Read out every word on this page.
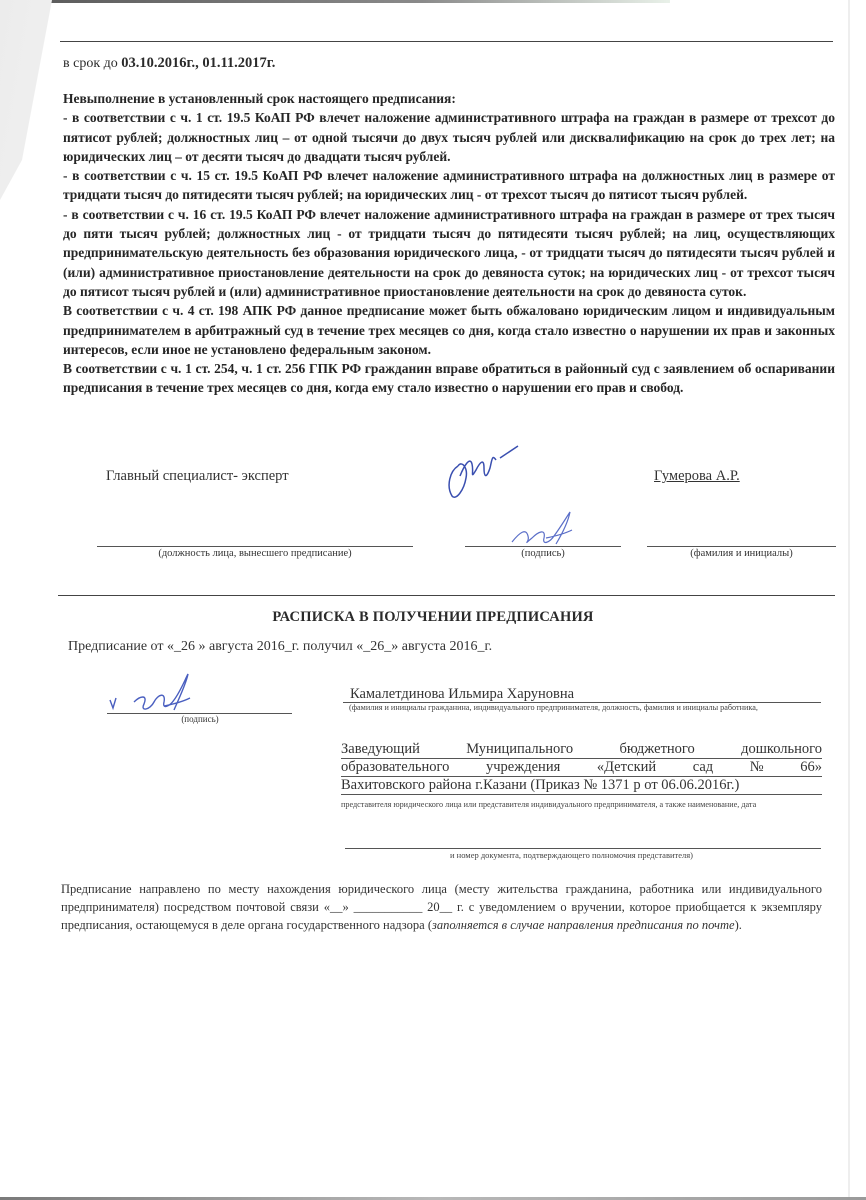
в срок до 03.10.2016г., 01.11.2017г.

Невыполнение в установленный срок настоящего предписания:

- в соответствии с ч. 1 ст. 19.5 КоАП РФ влечет наложение административного штрафа на граждан в размере от трехсот до пятисот рублей; должностных лиц – от одной тысячи до двух тысяч рублей или дисквалификацию на срок до трех лет; на юридических лиц – от десяти тысяч до двадцати тысяч рублей.

- в соответствии с ч. 15 ст. 19.5 КоАП РФ влечет наложение административного штрафа на должностных лиц в размере от тридцати тысяч до пятидесяти тысяч рублей; на юридических лиц - от трехсот тысяч до пятисот тысяч рублей.

- в соответствии с ч. 16 ст. 19.5 КоАП РФ влечет наложение административного штрафа на граждан в размере от трех тысяч до пяти тысяч рублей; должностных лиц - от тридцати тысяч до пятидесяти тысяч рублей; на лиц, осуществляющих предпринимательскую деятельность без образования юридического лица, - от тридцати тысяч до пятидесяти тысяч рублей и (или) административное приостановление деятельности на срок до девяноста суток; на юридических лиц - от трехсот тысяч до пятисот тысяч рублей и (или) административное приостановление деятельности на срок до девяноста суток.

В соответствии с ч. 4 ст. 198 АПК РФ данное предписание может быть обжаловано юридическим лицом и индивидуальным предпринимателем в арбитражный суд в течение трех месяцев со дня, когда стало известно о нарушении их прав и законных интересов, если иное не установлено федеральным законом.

В соответствии с ч. 1 ст. 254, ч. 1 ст. 256 ГПК РФ гражданин вправе обратиться в районный суд с заявлением об оспаривании предписания в течение трех месяцев со дня, когда ему стало известно о нарушении его прав и свобод.

Главный специалист- эксперт	Гумерова А.Р.
(должность лица, вынесшего предписание)	(подпись)	(фамилия и инициалы)
РАСПИСКА В ПОЛУЧЕНИИ ПРЕДПИСАНИЯ
Предписание от «_26 » августа 2016_г. получил «_26_» августа 2016_г.
(подпись)
Камалетдинова Ильмира Харуновна
(фамилия и инициалы гражданина, индивидуального предпринимателя, должность, фамилия и инициалы работника,
Заведующий	Муниципального	бюджетного	дошкольного
образовательного	учреждения	«Детский	сад	№	66»
Вахитовского района г.Казани (Приказ № 1371 р от 06.06.2016г.)
представителя юридического лица или представителя индивидуального предпринимателя, а также наименование, дата
и номер документа, подтверждающего полномочия представителя)
Предписание направлено по месту нахождения юридического лица (месту жительства гражданина, работника или индивидуального предпринимателя) посредством почтовой связи «__» ___________ 20__ г. с уведомлением о вручении, которое приобщается к экземпляру предписания, остающемуся в деле органа государственного надзора (заполняется в случае направления предписания по почте).
